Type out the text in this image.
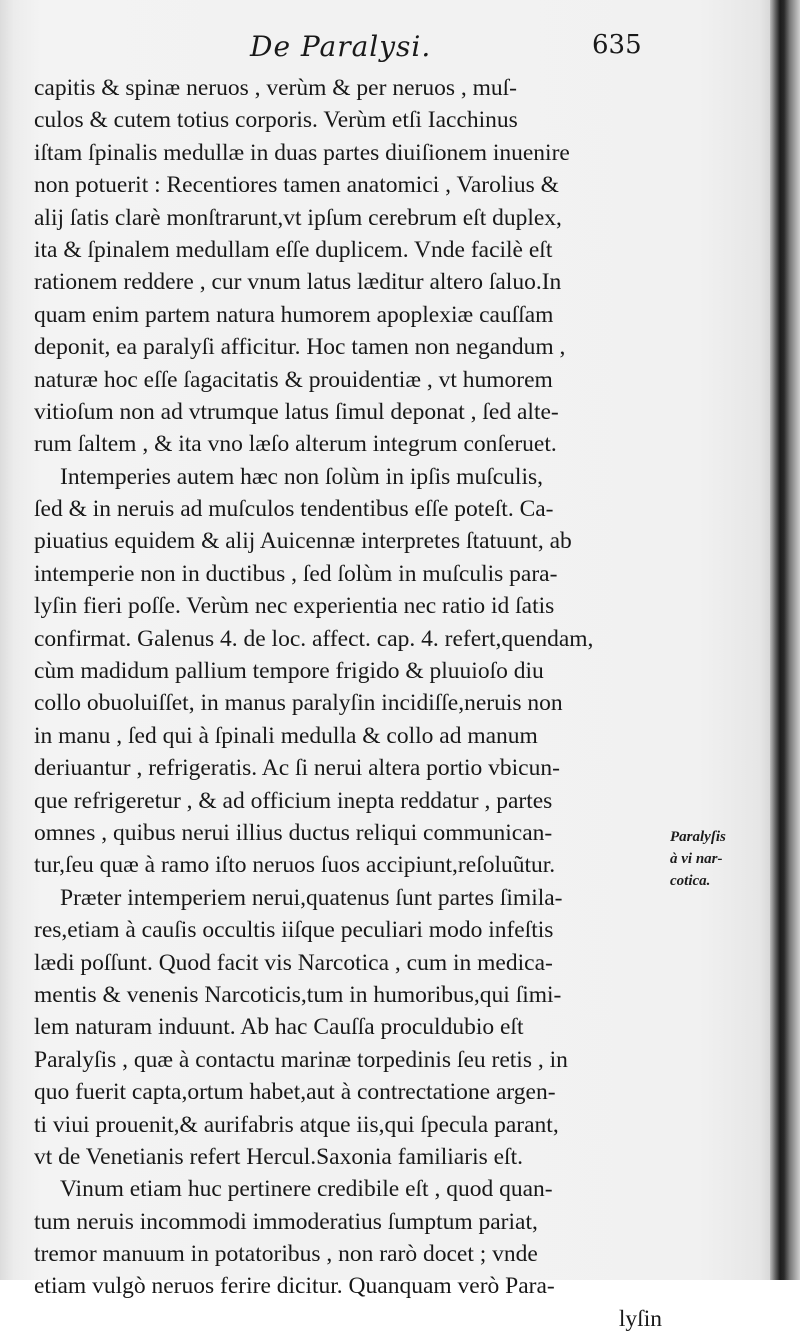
De Paralysi.	635
capitis & spinæ neruos , verùm & per neruos , muſ-
culos & cutem totius corporis. Verùm etſi Iacchinus
iſtam ſpinalis medullæ in duas partes diuiſionem inuenire
non potuerit : Recentiores tamen anatomici , Varolius &
alij ſatis clarè monſtrarunt,vt ipſum cerebrum eſt duplex,
ita & ſpinalem medullam eſſe duplicem. Vnde facilè eſt
rationem reddere , cur vnum latus læditur altero ſaluo.In
quam enim partem natura humorem apoplexiæ cauſſam
deponit, ea paralyſi afficitur. Hoc tamen non negandum ,
naturæ hoc eſſe ſagacitatis & prouidentiæ , vt humorem
vitioſum non ad vtrumque latus ſimul deponat , ſed alte-
rum ſaltem , & ita vno læſo alterum integrum conſeruet.
Intemperies autem hæc non ſolùm in ipſis muſculis,
ſed & in neruis ad muſculos tendentibus eſſe poteſt. Ca-
piuatius equidem & alij Auicennæ interpretes ſtatuunt, ab
intemperie non in ductibus , ſed ſolùm in muſculis para-
lyſin fieri poſſe. Verùm nec experientia nec ratio id ſatis
confirmat. Galenus 4. de loc. affect. cap. 4. refert,quendam,
cùm madidum pallium tempore frigido & pluuioſo diu
collo obuoluiſſet, in manus paralyſin incidiſſe,neruis non
in manu , ſed qui à ſpinali medulla & collo ad manum
deriuantur , refrigeratis. Ac ſi nerui altera portio vbicun-
que refrigeretur , & ad officium inepta reddatur , partes
omnes , quibus nerui illius ductus reliqui communican-
tur,ſeu quæ à ramo iſto neruos ſuos accipiunt,reſoluũtur.
Præter intemperiem nerui,quatenus ſunt partes ſimila-
res,etiam à cauſis occultis iiſque peculiari modo infeſtis
lædi poſſunt. Quod facit vis Narcotica , cum in medica-
mentis & venenis Narcoticis,tum in humoribus,qui ſimi-
lem naturam induunt. Ab hac Cauſſa proculdubio eſt
Paralyſis , quæ à contactu marinæ torpedinis ſeu retis , in
quo fuerit capta,ortum habet,aut à contrectatione argen-
ti viui prouenit,& aurifabris atque iis,qui ſpecula parant,
vt de Venetianis refert Hercul.Saxonia familiaris eſt.
Vinum etiam huc pertinere credibile eſt , quod quan-
tum neruis incommodi immoderatius ſumptum pariat,
tremor manuum in potatoribus , non rarò docet ; vnde
etiam vulgò neruos ferire dicitur. Quanquam verò Para-
lyſin
Paralyſis
à vi nar-
cotica.
